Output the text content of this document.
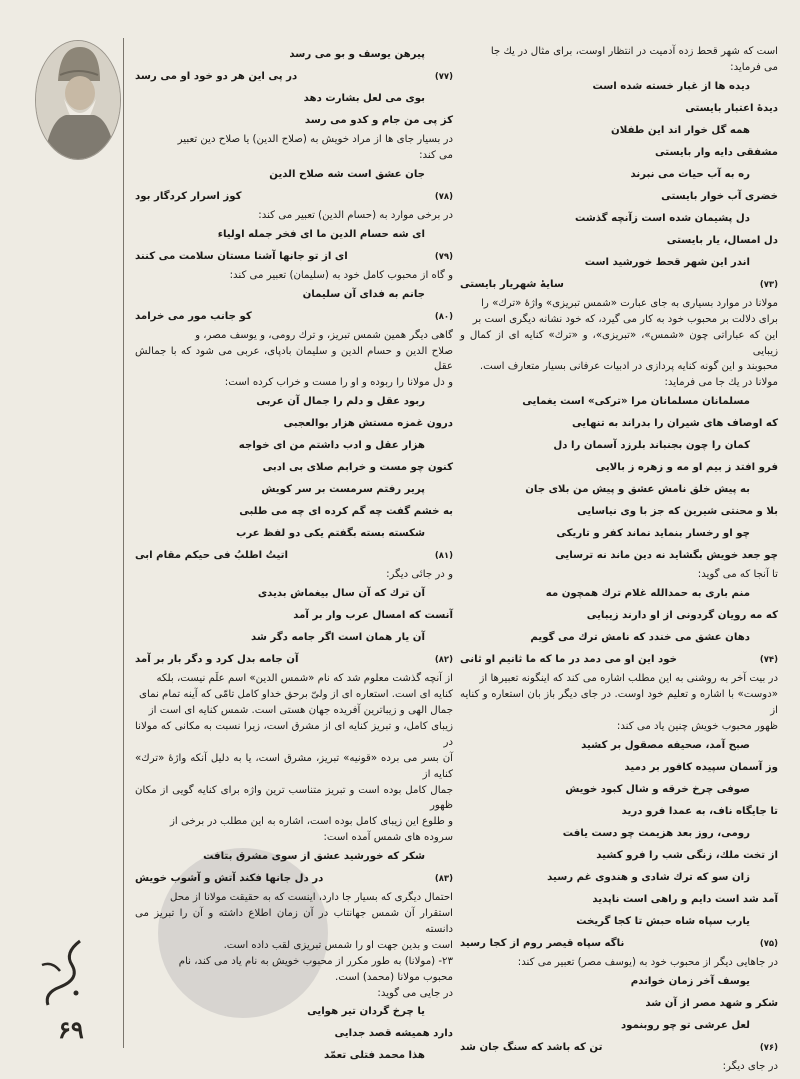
است که شهر قحط زده آدمیت در انتظار اوست، برای مثال در یك جا
می فرماید:
دیده ها از غبار خسته شده است
دیدهٔ اعتبار بایستی
همه گل خوار اند این طفلان
مشفقی دایه وار بایستی
ره به آب حیات می نبرند
خضری آب خوار بایستی
دل پشیمان شده است زآنچه گذشت
دل امسال، یار بایستی
اندر این شهر قحط خورشید است
سایهٔ شهریار بایستی	(۷۳)
مولانا در موارد بسیاری به جای عبارت «شمس تبریزی» واژهٔ «ترك» را
برای دلالت بر محبوب خود به کار می گیرد، که خود نشانه دیگری است بر
این که عباراتی چون «شمس»، «تبریزی»، و «ترك» کنایه ای از کمال و زیبایی
محبوبند و این گونه کنایه پردازی در ادبیات عرفانی بسیار متعارف است.
مولانا در یك جا می فرماید:
مسلمانان مسلمانان مرا «ترکی» است یغمایی
که اوصاف های شیران را بدراند به تنهایی
کمان را چون بجنباند بلرزد آسمان را دل
فرو افتد ز بیم او مه و زهره ز بالایی
به پیش خلق نامش عشق و پیش من بلای جان
بلا و محنتی شیرین که جز با وی نیاسایی
چو او رخسار بنماید نماند کفر و تاریکی
چو جعد خویش بگشاید نه دین ماند نه ترسایی
تا آنجا که می گوید:
منم باری به حمدالله غلام ترك همچون مه
که مه رویان گردونی از او دارند زیبایی
دهان عشق می خندد که نامش ترك می گویم
خود این او می دمد در ما که ما ثانیم او ثانی	(۷۴)
در بیت آخر به روشنی به این مطلب اشاره می کند که اینگونه تعبیرها از
«دوست» با اشاره و تعلیم خود اوست. در جای دیگر باز بان استعاره و کنایه از
ظهور محبوب خویش چنین یاد می کند:
صبح آمد، صحیفه مصقول بر کشید
وز آسمان سپیده کافور بر دمید
صوفی چرخ خرقه و شال کبود خویش
تا جایگاه ناف، به عمدا فرو درید
رومی، روز بعد هزیمت چو دست یافت
از تخت ملك، زنگی شب را فرو کشید
زان سو که ترك شادی و هندوی غم رسید
آمد شد است دایم و راهی است ناپدید
یارب سپاه شاه حبش تا کجا گریخت
ناگه سپاه قیصر روم از کجا رسید	(۷۵)
در جاهایی دیگر از محبوب خود به (یوسف مصر) تعبیر می کند:
یوسف آخر زمان خواندم
شکر و شهد مصر از آن شد
لعل عرشی تو چو روبنمود
تن که باشد که سنگ جان شد	(۷۶)
در جای دیگر:
پیرهن یوسف و بو می رسد
در پی این هر دو خود او می رسد	(۷۷)
بوی می لعل بشارت دهد
کز پی من جام و کدو می رسد
در بسیار جای ها از مراد خویش به (صلاح الدین) یا صلاح دین تعبیر
می کند:
جان عشق است شه صلاح الدین
کوز اسرار کردگار بود	(۷۸)
در برخی موارد به (حسام الدین) تعبیر می کند:
ای شه حسام الدین ما ای فخر جمله اولیاء
ای از تو جانها آشنا مستان سلامت می کنند	(۷۹)
و گاه از محبوب کامل خود به (سلیمان) تعبیر می کند:
جانم به فدای آن سلیمان
کو جانب مور می خرامد	(۸۰)
گاهی دیگر همین شمس تبریز، و ترك رومی، و یوسف مصر، و
صلاح الدین و حسام الدین و سلیمان بادپای، عربی می شود که با جمالش عقل
و دل مولانا را ربوده و او را مست و خراب کرده است:
ربود عقل و دلم را جمال آن عربی
درون غمزه مستش هزار بوالعجبی
هزار عقل و ادب داشتم من ای خواجه
کنون چو مست و خرابم صلای بی ادبی
پریر رفتم سرمست بر سر کویش
به خشم گفت چه گم کرده ای چه می طلبی
شکسته بسته بگفتم یکی دو لفظ عرب
اتیتُ اطلبُ فی حیکم مقام ابی	(۸۱)
و در جائی دیگر:
آن ترك که آن سال بیغماش بدیدی
آنست که امسال عرب وار بر آمد
آن یار همان است اگر جامه دگر شد
آن جامه بدل کرد و دگر بار بر آمد	(۸۲)
از آنچه گذشت معلوم شد که نام «شمس الدین» اسم علَم نیست، بلکه
کنایه ای است. استعاره ای از ولیّ برحق خداو کامل تامّی که آینه تمام نمای
جمال الهی و زیباترین آفریده جهان هستی است. شمس کنایه ای است از
زیبای کامل، و تبریز کنایه ای از مشرق است، زیرا نسبت به مکانی که مولانا در
آن بسر می برده «قونیه» تبریز، مشرق است، یا به دلیل آنکه واژهٔ «ترك» کنایه از
جمال کامل بوده است و تبریز متناسب ترین واژه برای کنایه گویی از مکان ظهور
و طلوع این زیبای کامل بوده است، اشاره به این مطلب در برخی از
سروده های شمس آمده است:
شکر که خورشید عشق از سوی مشرق بتافت
در دل جانها فکند آتش و آشوب خویش	(۸۳)
احتمال دیگری که بسیار جا دارد، اینست که به حقیقت مولانا از محل
استقرار آن شمس جهانتاب در آن زمان اطلاع داشته و آن را تبریز می دانسته
است و بدین جهت او را شمس تبریزی لقب داده است.
۲۳- (مولانا) به طور مکرر از محبوب خویش به نام یاد می کند، نام
محبوب مولانا (محمد) است.
در جایی می گوید:
یا چرخ گردان تیر هوایی
دارد همیشه قصد جدایی
هذا محمد فتلی تعمّد
۶۹
